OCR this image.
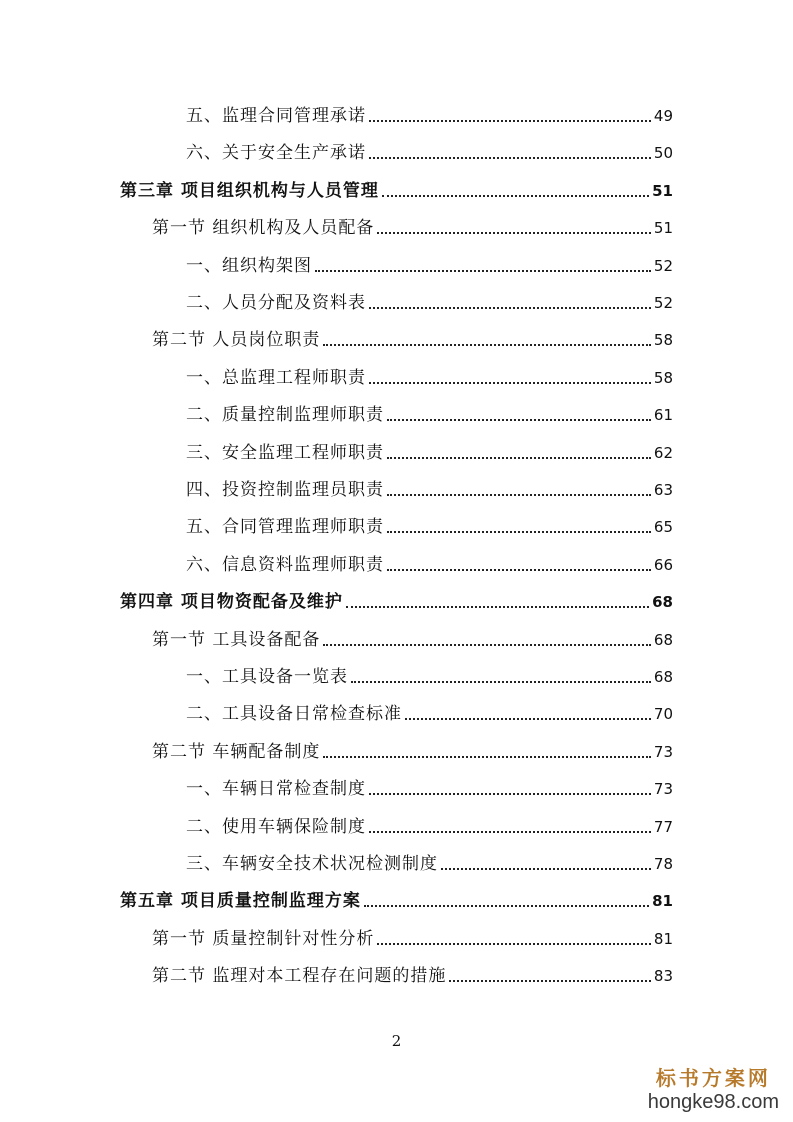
五、监理合同管理承诺	49
六、关于安全生产承诺	50
第三章 项目组织机构与人员管理	51
第一节 组织机构及人员配备	51
一、组织构架图	52
二、人员分配及资料表	52
第二节 人员岗位职责	58
一、总监理工程师职责	58
二、质量控制监理师职责	61
三、安全监理工程师职责	62
四、投资控制监理员职责	63
五、合同管理监理师职责	65
六、信息资料监理师职责	66
第四章 项目物资配备及维护	68
第一节 工具设备配备	68
一、工具设备一览表	68
二、工具设备日常检查标准	70
第二节 车辆配备制度	73
一、车辆日常检查制度	73
二、使用车辆保险制度	77
三、车辆安全技术状况检测制度	78
第五章 项目质量控制监理方案	81
第一节 质量控制针对性分析	81
第二节 监理对本工程存在问题的措施	83
2
标书方案网
hongke98.com
